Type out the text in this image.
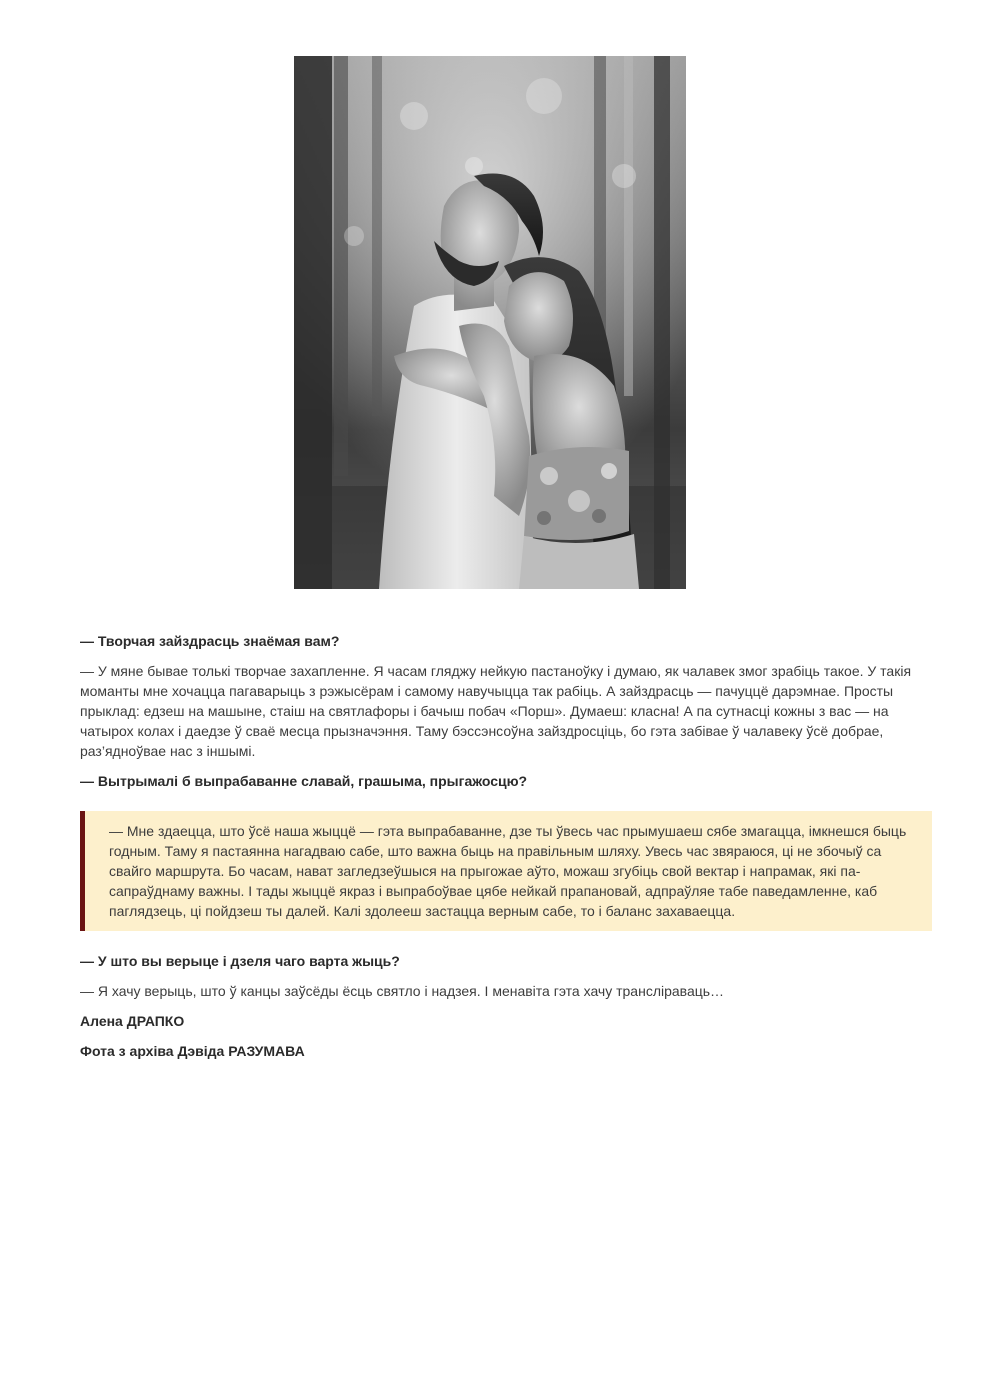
— Творчая зайздрасць знаёмая вам?
— У мяне бывае толькі творчае захапленне. Я часам гляджу нейкую пастаноўку і думаю, як чалавек змог зрабіць такое. У такія
моманты мне хочацца пагаварыць з рэжысёрам і самому навучыцца так рабіць. А зайздрасць — пачуццё дарэмнае. Просты
прыклад: едзеш на машыне, стаіш на святлафоры і бачыш побач «Порш». Думаеш: класна! А па сутнасці кожны з вас — на
чатырох колах і даедзе ў сваё месца прызначэння. Таму бэссэнсоўна зайздросціць, бо гэта забівае ў чалавеку ўсё добрае,
раз’ядноўвае нас з іншымі.
— Вытрымалі б выпрабаванне славай, грашыма, прыгажосцю?
— Мне здаецца, што ўсё наша жыццё — гэта выпрабаванне, дзе ты ўвесь час прымушаеш сябе змагацца, імкнешся быць
годным. Таму я пастаянна нагадваю сабе, што важна быць на правільным шляху. Увесь час звяраюся, ці не збочыў са
свайго маршрута. Бо часам, нават загледзеўшыся на прыгожае аўто, можаш згубіць свой вектар і напрамак, які па-
сапраўднаму важны. І тады жыццё якраз і выпрабоўвае цябе нейкай прапановай, адпраўляе табе паведамленне, каб
паглядзець, ці пойдзеш ты далей. Калі здолееш застацца верным сабе, то і баланс захаваецца.
— У што вы верыце і дзеля чаго варта жыць?
— Я хачу верыць, што ў канцы заўсёды ёсць святло і надзея. І менавіта гэта хачу трансліраваць…
Алена ДРАПКО
Фота з архіва Дэвіда РАЗУМАВА
